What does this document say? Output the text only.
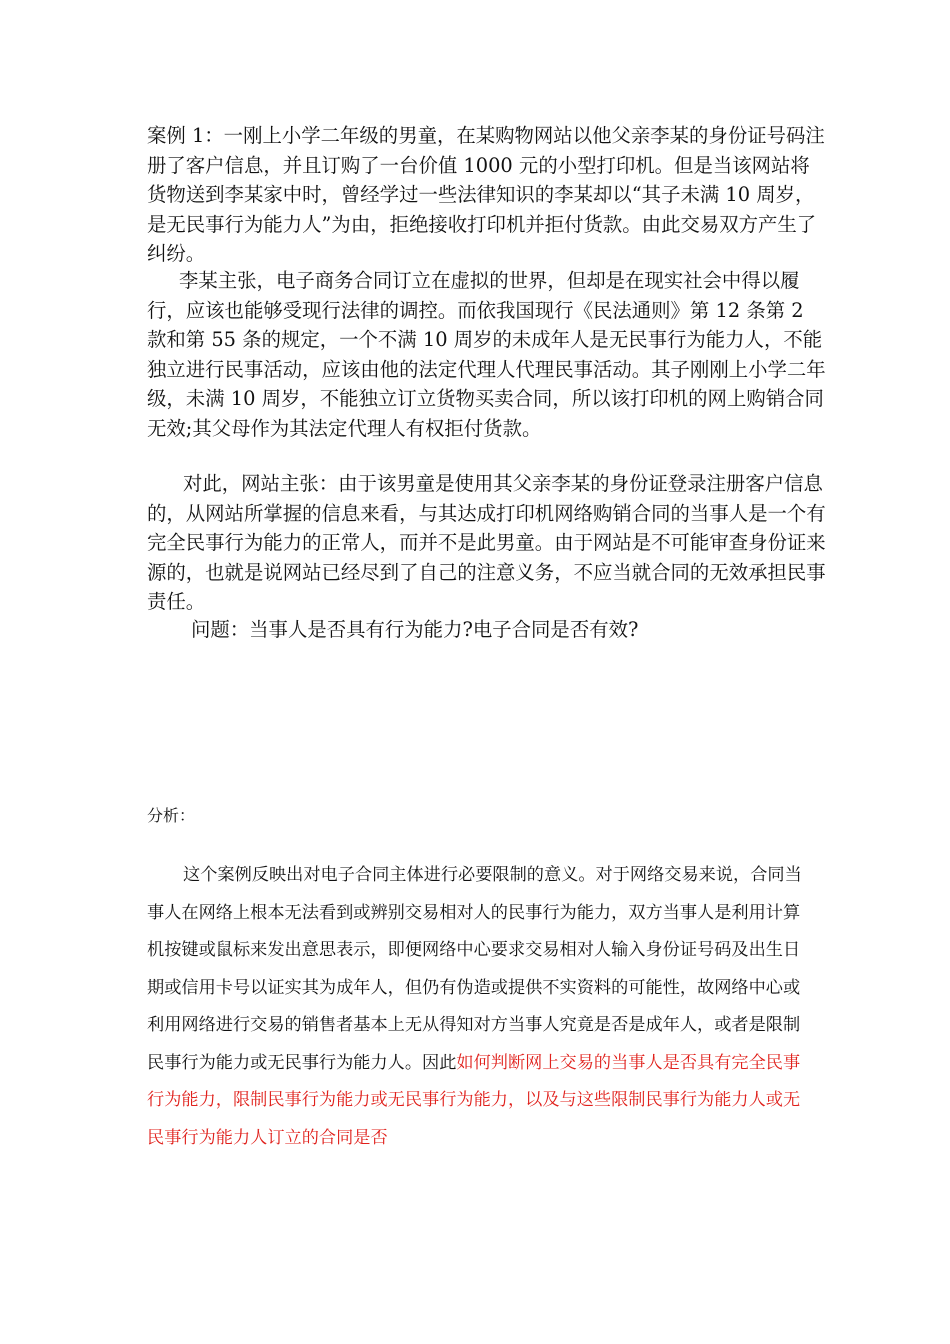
案例 1：一刚上小学二年级的男童，在某购物网站以他父亲李某的身份证号码注册了客户信息，并且订购了一台价值 1000 元的小型打印机。但是当该网站将货物送到李某家中时，曾经学过一些法律知识的李某却以“其子未满 10 周岁，是无民事行为能力人”为由，拒绝接收打印机并拒付货款。由此交易双方产生了纠纷。

李某主张，电子商务合同订立在虚拟的世界，但却是在现实社会中得以履行，应该也能够受现行法律的调控。而依我国现行《民法通则》第 12 条第 2 款和第 55 条的规定，一个不满 10 周岁的未成年人是无民事行为能力人，不能独立进行民事活动，应该由他的法定代理人代理民事活动。其子刚刚上小学二年级，未满 10 周岁，不能独立订立货物买卖合同，所以该打印机的网上购销合同无效;其父母作为其法定代理人有权拒付货款。

对此，网站主张：由于该男童是使用其父亲李某的身份证登录注册客户信息的，从网站所掌握的信息来看，与其达成打印机网络购销合同的当事人是一个有完全民事行为能力的正常人，而并不是此男童。由于网站是不可能审查身份证来源的，也就是说网站已经尽到了自己的注意义务，不应当就合同的无效承担民事责任。

问题：当事人是否具有行为能力?电子合同是否有效?

分析：

这个案例反映出对电子合同主体进行必要限制的意义。对于网络交易来说，合同当事人在网络上根本无法看到或辨别交易相对人的民事行为能力，双方当事人是利用计算机按键或鼠标来发出意思表示，即便网络中心要求交易相对人输入身份证号码及出生日期或信用卡号以证实其为成年人，但仍有伪造或提供不实资料的可能性，故网络中心或利用网络进行交易的销售者基本上无从得知对方当事人究竟是否是成年人，或者是限制民事行为能力或无民事行为能力人。因此如何判断网上交易的当事人是否具有完全民事行为能力，限制民事行为能力或无民事行为能力，以及与这些限制民事行为能力人或无民事行为能力人订立的合同是否
